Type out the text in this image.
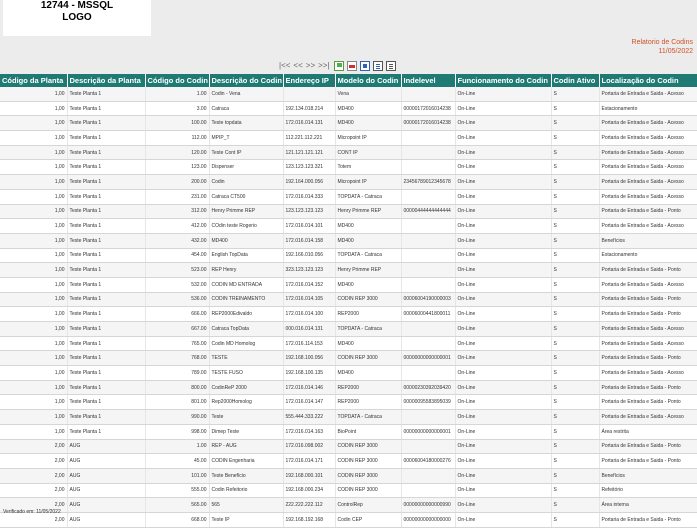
12744 - MSSQL
LOGO
Relatorio de Codins
11/05/2022
|<< << >> >>|
Código da Planta	Descrição da Planta	Código do Codin	Descrição do Codin	Endereço IP	Modelo do Codin	Indelevel	Funcionamento do Codin	Codin Ativo	Localização do Codin
1,00	Teste Planta 1	1.00	Codin - Vena		Vena		On-Line	S	Portaria de Entrada e Saida - Acesso
1,00	Teste Planta 1	3.00	Catraca	192.134.018.214	MD400	00000172016014238	On-Line	S	Estacionamento
1,00	Teste Planta 1	100.00	Teste topdata	172.016.014.131	MD400	00000172016014238	On-Line	S	Portaria de Entrada e Saida - Acesso
1,00	Teste Planta 1	112.00	MPIP_T	112.221.112.221	Micropoint IP		On-Line	S	Portaria de Entrada e Saida - Acesso
1,00	Teste Planta 1	120.00	Teste Cont IP	121.121.121.121	CONT IP		On-Line	S	Portaria de Entrada e Saida - Acesso
1,00	Teste Planta 1	123.00	Dispenser	123.123.123.321	Totem		On-Line	S	Portaria de Entrada e Saida - Acesso
1,00	Teste Planta 1	200.00	Codin	192.164.000.056	Micropoint IP	23456789012345678	On-Line	S	Portaria de Entrada e Saida - Acesso
1,00	Teste Planta 1	231.00	Catraca CT500	172.016.014.333	TOPDATA - Catraca		On-Line	S	Portaria de Entrada e Saida - Acesso
1,00	Teste Planta 1	312.00	Henry Primme REP	123.123.123.123	Henry Primme REP	00000444444444444	On-Line	S	Portaria de Entrada e Saida - Ponto
1,00	Teste Planta 1	412.00	COdin teste Rogerio	172.016.014.101	MD400		On-Line	S	Portaria de Entrada e Saida - Acesso
1,00	Teste Planta 1	432.00	MD400	172.016.014.158	MD400		On-Line	S	Benefícios
1,00	Teste Planta 1	454.00	English TopData	192.166.010.056	TOPDATA - Catraca		On-Line	S	Estacionamento
1,00	Teste Planta 1	523.00	REP Henry	323.123.123.123	Henry Primme REP		On-Line	S	Portaria de Entrada e Saida - Ponto
1,00	Teste Planta 1	532.00	CODIN MD ENTRADA	172.016.014.152	MD400		On-Line	S	Portaria de Entrada e Saida - Acesso
1,00	Teste Planta 1	536.00	CODIN TREINAMENTO	172.016.014.105	CODIN REP 3000	00006004190000003	On-Line	S	Portaria de Entrada e Saida - Ponto
1,00	Teste Planta 1	666.00	REP2000Edivaldo	172.016.014.100	REP2000	00006000441800011	On-Line	S	Portaria de Entrada e Saida - Ponto
1,00	Teste Planta 1	667.00	Catraca TopData	000.016.014.131	TOPDATA - Catraca		On-Line	S	Portaria de Entrada e Saida - Acesso
1,00	Teste Planta 1	765.00	Codin MD Homolog	172.016.114.153	MD400		On-Line	S	Portaria de Entrada e Saida - Acesso
1,00	Teste Planta 1	768.00	TESTE	192.168.100.056	CODIN REP 3000	00000000000000001	On-Line	S	Portaria de Entrada e Saida - Ponto
1,00	Teste Planta 1	789.00	TESTE FUSO	192.168.100.135	MD400		On-Line	S	Portaria de Entrada e Saida - Acesso
1,00	Teste Planta 1	800.00	CodinReP 2000	172.016.014.146	REP2000	00000230392039420	On-Line	S	Portaria de Entrada e Saida - Ponto
1,00	Teste Planta 1	801.00	Rep2000Homolog	172.016.014.147	REP2000	00000095583895039	On-Line	S	Portaria de Entrada e Saida - Ponto
1,00	Teste Planta 1	990.00	Teste	555.444.333.222	TOPDATA - Catraca		On-Line	S	Portaria de Entrada e Saida - Acesso
1,00	Teste Planta 1	998.00	Dimep Teste	172.016.014.163	BioPoint	00000000000000001	On-Line	S	Área restrita
2,00	AUG	1.00	REP - AUG	172.016.098.002	CODIN REP 3000		On-Line	S	Portaria de Entrada e Saida - Ponto
2,00	AUG	45.00	CODIN Engenharia	172.016.014.171	CODIN REP 3000	00006004180000276	On-Line	S	Portaria de Entrada e Saida - Ponto
2,00	AUG	101.00	Teste Benefício	192.168.000.101	CODIN REP 3000		On-Line	S	Benefícios
2,00	AUG	555.00	Codin Refeitorio	192.168.000.234	CODIN REP 3000		On-Line	S	Refeitório
2,00	AUG	565.00	565	222.222.222.112	ControlRep	00000000000000990	On-Line	S	Área interna
2,00	AUG	668.00	Teste IP	192.168.192.168	Codin CEP	00000000000000000	On-Line	S	Portaria de Entrada e Saida - Ponto
Verificado em: 11/05/2022
